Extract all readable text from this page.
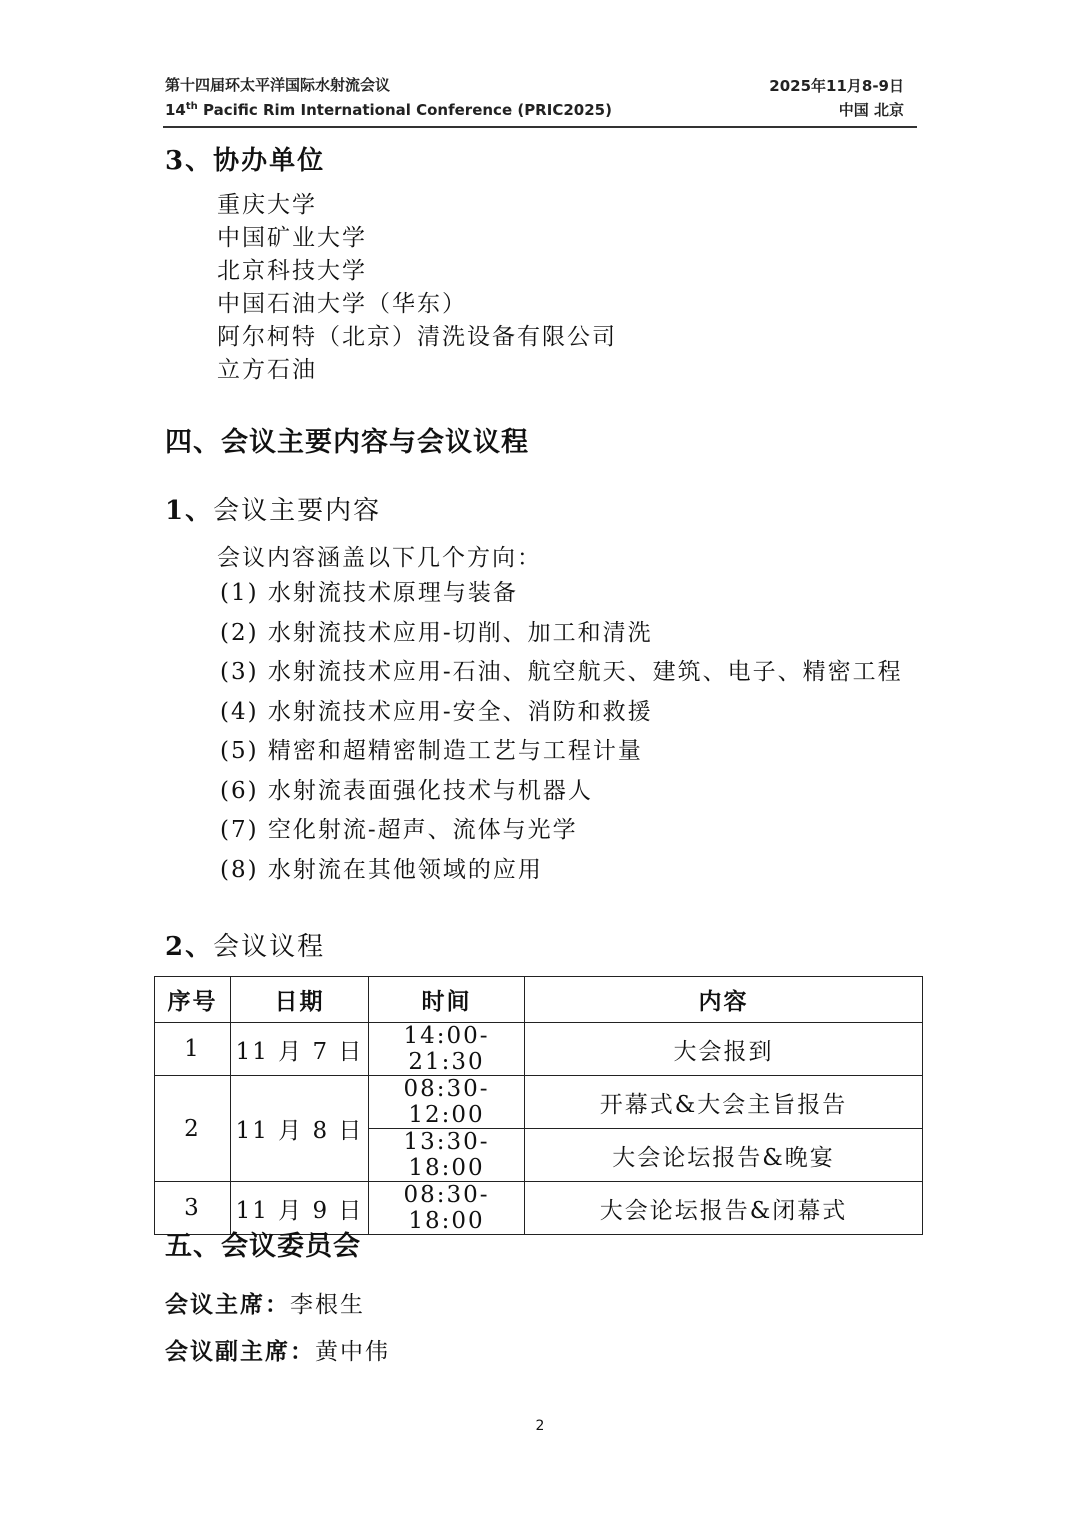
第十四届环太平洋国际水射流会议
14th Pacific Rim International Conference (PRIC2025)
2025年11月8-9日
中国 北京
3、协办单位
重庆大学
中国矿业大学
北京科技大学
中国石油大学（华东）
阿尔柯特（北京）清洗设备有限公司
立方石油
四、会议主要内容与会议议程
1、会议主要内容
会议内容涵盖以下几个方向：
(1) 水射流技术原理与装备
(2) 水射流技术应用-切削、加工和清洗
(3) 水射流技术应用-石油、航空航天、建筑、电子、精密工程
(4) 水射流技术应用-安全、消防和救援
(5) 精密和超精密制造工艺与工程计量
(6) 水射流表面强化技术与机器人
(7) 空化射流-超声、流体与光学
(8) 水射流在其他领域的应用
2、会议议程
序号	日期	时间	内容
1	11 月 7 日	14:00-21:30	大会报到
2	11 月 8 日	08:30-12:00	开幕式&大会主旨报告
		13:30-18:00	大会论坛报告&晚宴
3	11 月 9 日	08:30-18:00	大会论坛报告&闭幕式
五、会议委员会
会议主席：李根生
会议副主席：黄中伟
2
